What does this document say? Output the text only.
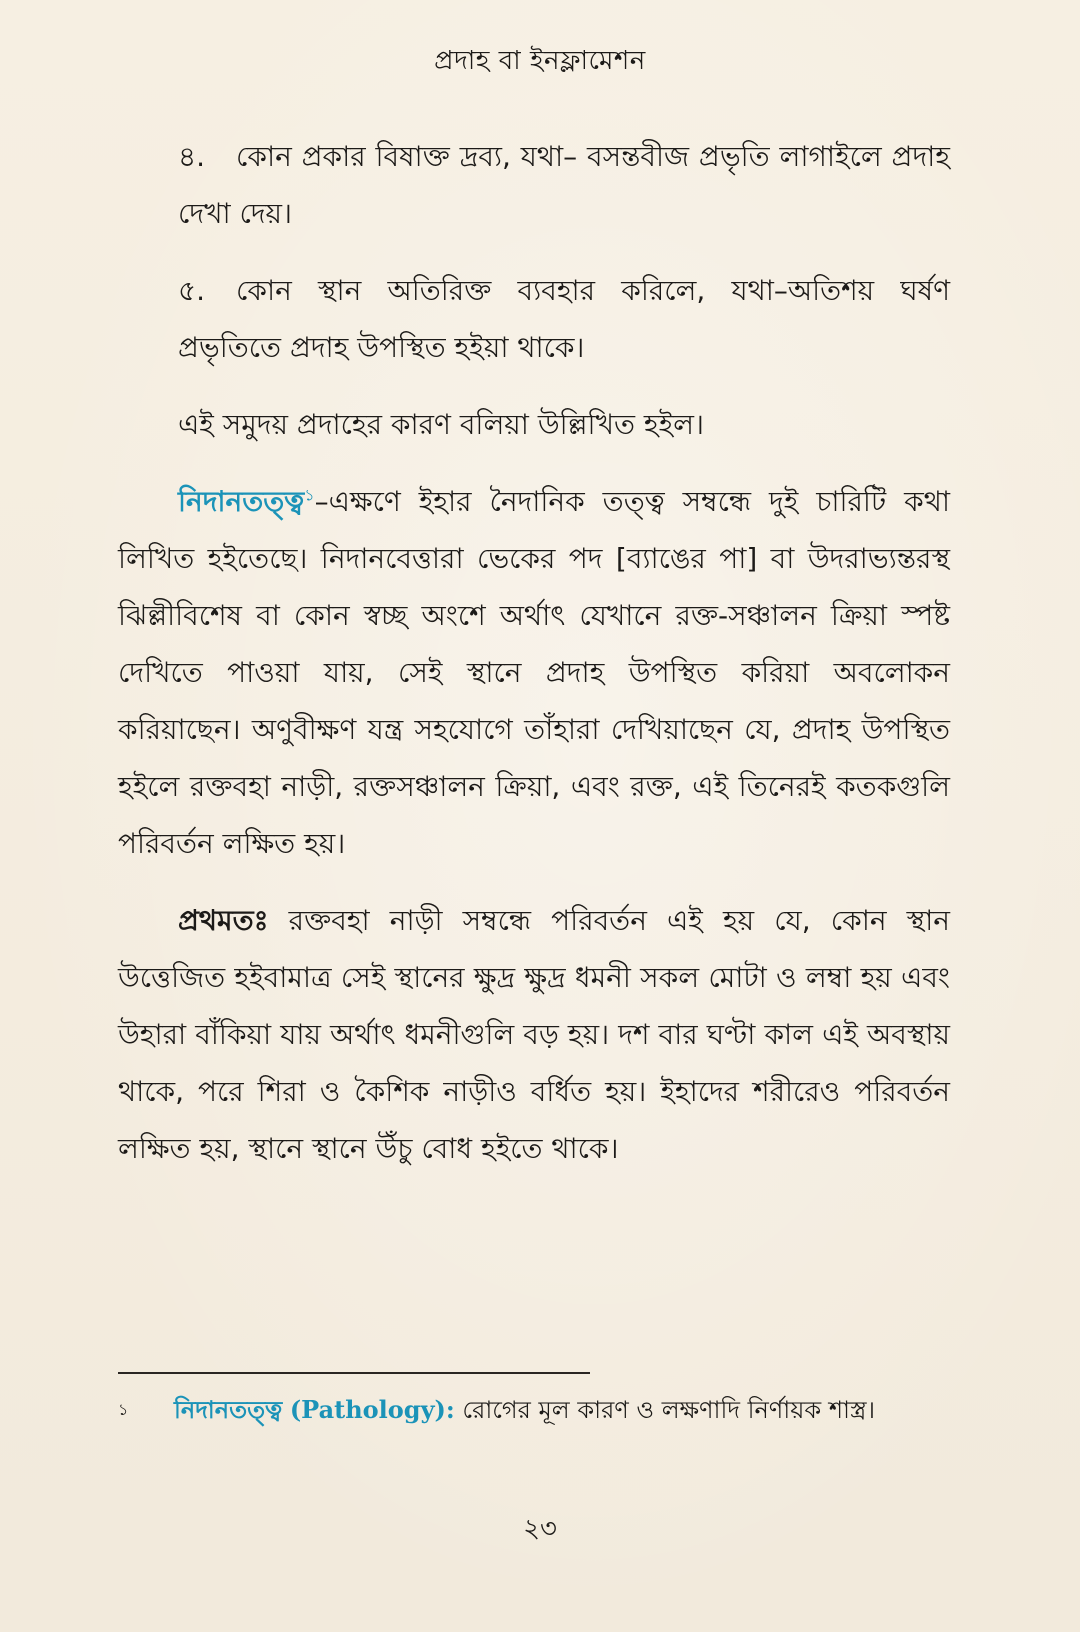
প্রদাহ বা ইনফ্লামেশন

৪.	কোন প্রকার বিষাক্ত দ্রব্য, যথা– বসন্তবীজ প্রভৃতি লাগাইলে প্রদাহ দেখা দেয়।

৫.	কোন স্থান অতিরিক্ত ব্যবহার করিলে, যথা–অতিশয় ঘর্ষণ প্রভৃতিতে প্রদাহ উপস্থিত হইয়া থাকে।

এই সমুদয় প্রদাহের কারণ বলিয়া উল্লিখিত হইল।

নিদানতত্ত্ব$^১$–এক্ষণে ইহার নৈদানিক তত্ত্ব সম্বন্ধে দুই চারিটি কথা লিখিত হইতেছে। নিদানবেত্তারা ভেকের পদ [ব্যাঙের পা] বা উদরাভ্যন্তরস্থ ঝিল্লীবিশেষ বা কোন স্বচ্ছ অংশে অর্থাৎ যেখানে রক্ত-সঞ্চালন ক্রিয়া স্পষ্ট দেখিতে পাওয়া যায়, সেই স্থানে প্রদাহ উপস্থিত করিয়া অবলোকন করিয়াছেন। অণুবীক্ষণ যন্ত্র সহযোগে তাঁহারা দেখিয়াছেন যে, প্রদাহ উপস্থিত হইলে রক্তবহা নাড়ী, রক্তসঞ্চালন ক্রিয়া, এবং রক্ত, এই তিনেরই কতকগুলি পরিবর্তন লক্ষিত হয়।

প্রথমতঃ রক্তবহা নাড়ী সম্বন্ধে পরিবর্তন এই হয় যে, কোন স্থান উত্তেজিত হইবামাত্র সেই স্থানের ক্ষুদ্র ক্ষুদ্র ধমনী সকল মোটা ও লম্বা হয় এবং উহারা বাঁকিয়া যায় অর্থাৎ ধমনীগুলি বড় হয়। দশ বার ঘণ্টা কাল এই অবস্থায় থাকে, পরে শিরা ও কৈশিক নাড়ীও বর্ধিত হয়। ইহাদের শরীরেও পরিবর্তন লক্ষিত হয়, স্থানে স্থানে উঁচু বোধ হইতে থাকে।

১ নিদানতত্ত্ব (Pathology): রোগের মূল কারণ ও লক্ষণাদি নির্ণায়ক শাস্ত্র।
২৩
